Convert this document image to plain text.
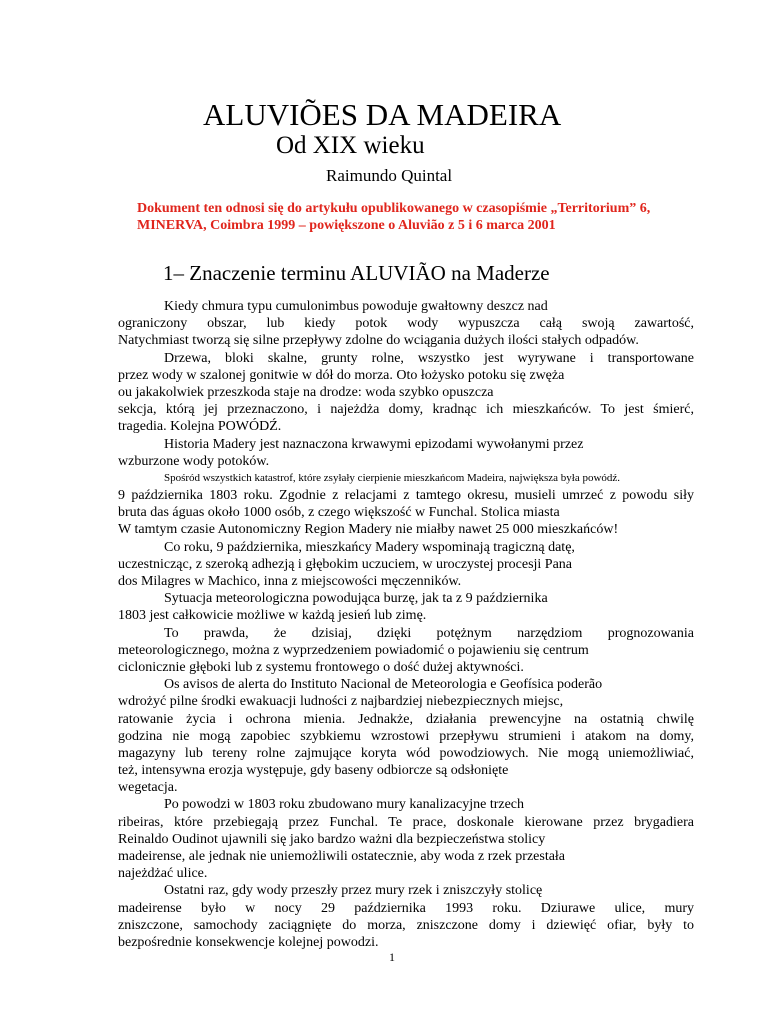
ALUVIÕES DA MADEIRA
Od XIX wieku
Raimundo Quintal
Dokument ten odnosi się do artykułu opublikowanego w czasopiśmie „Territorium” 6,
MINERVA, Coimbra 1999 – powiększone o Aluvião z 5 i 6 marca 2001
1– Znaczenie terminu ALUVIÃO na Maderze
Kiedy chmura typu cumulonimbus powoduje gwałtowny deszcz nad
ograniczony obszar, lub kiedy potok wody wypuszcza całą swoją zawartość,
Natychmiast tworzą się silne przepływy zdolne do wciągania dużych ilości stałych odpadów.
Drzewa, bloki skalne, grunty rolne, wszystko jest wyrywane i transportowane
przez wody w szalonej gonitwie w dół do morza. Oto łożysko potoku się zwęża
ou jakakolwiek przeszkoda staje na drodze: woda szybko opuszcza
sekcja, którą jej przeznaczono, i najeżdża domy, kradnąc ich mieszkańców. To jest śmierć,
tragedia. Kolejna POWÓDŹ.
Historia Madery jest naznaczona krwawymi epizodami wywołanymi przez
wzburzone wody potoków.
Spośród wszystkich katastrof, które zsyłały cierpienie mieszkańcom Madeira, największa była powódź.
9 października 1803 roku. Zgodnie z relacjami z tamtego okresu, musieli umrzeć z powodu siły
bruta das águas około 1000 osób, z czego większość w Funchal. Stolica miasta
W tamtym czasie Autonomiczny Region Madery nie miałby nawet 25 000 mieszkańców!
Co roku, 9 października, mieszkańcy Madery wspominają tragiczną datę,
uczestnicząc, z szeroką adhezją i głębokim uczuciem, w uroczystej procesji Pana
dos Milagres w Machico, inna z miejscowości męczenników.
Sytuacja meteorologiczna powodująca burzę, jak ta z 9 października
1803 jest całkowicie możliwe w każdą jesień lub zimę.
To prawda, że dzisiaj, dzięki potężnym narzędziom prognozowania
meteorologicznego, można z wyprzedzeniem powiadomić o pojawieniu się centrum
ciclonicznie głęboki lub z systemu frontowego o dość dużej aktywności.
Os avisos de alerta do Instituto Nacional de Meteorologia e Geofísica poderão
wdrożyć pilne środki ewakuacji ludności z najbardziej niebezpiecznych miejsc,
ratowanie życia i ochrona mienia. Jednakże, działania prewencyjne na ostatnią chwilę
godzina nie mogą zapobiec szybkiemu wzrostowi przepływu strumieni i atakom na domy,
magazyny lub tereny rolne zajmujące koryta wód powodziowych. Nie mogą uniemożliwiać,
też, intensywna erozja występuje, gdy baseny odbiorcze są odsłonięte
wegetacja.
Po powodzi w 1803 roku zbudowano mury kanalizacyjne trzech
ribeiras, które przebiegają przez Funchal. Te prace, doskonale kierowane przez brygadiera
Reinaldo Oudinot ujawnili się jako bardzo ważni dla bezpieczeństwa stolicy
madeirense, ale jednak nie uniemożliwili ostatecznie, aby woda z rzek przestała
najeżdżać ulice.
Ostatni raz, gdy wody przeszły przez mury rzek i zniszczyły stolicę
madeirense było w nocy 29 października 1993 roku. Dziurawe ulice, mury
zniszczone, samochody zaciągnięte do morza, zniszczone domy i dziewięć ofiar, były to
bezpośrednie konsekwencje kolejnej powodzi.
1
